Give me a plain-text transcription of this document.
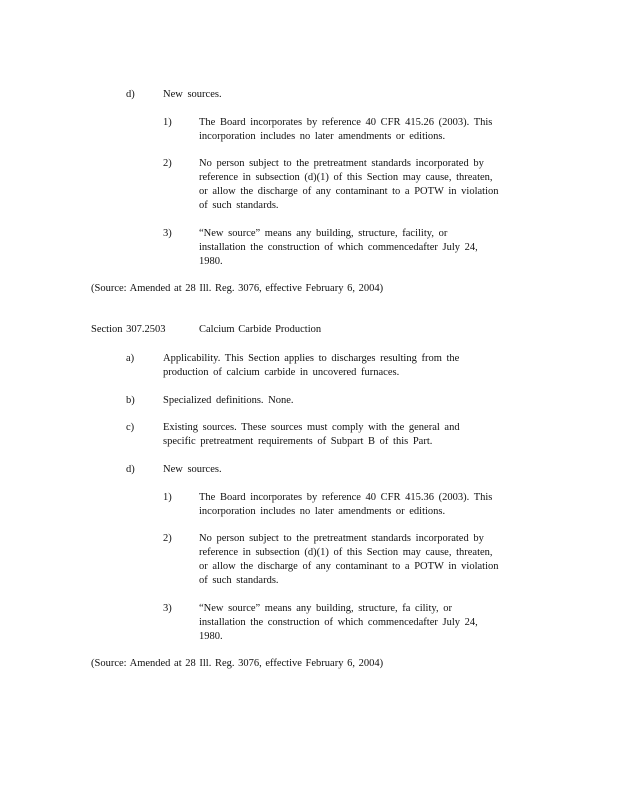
d)	New sources.
1)	The Board incorporates by reference 40 CFR 415.26 (2003). This
incorporation includes no later amendments or editions.
2)	No person subject to the pretreatment standards incorporated by
reference in subsection (d)(1) of this Section may cause, threaten,
or allow the discharge of any contaminant to a POTW in violation
of such standards.
3)	“New source” means any building, structure, facility, or
installation the construction of which commencedafter July 24,
1980.
(Source: Amended at 28 Ill. Reg. 3076, effective February 6, 2004)
Section 307.2503	Calcium Carbide Production
a)	Applicability. This Section applies to discharges resulting from the
production of calcium carbide in uncovered furnaces.
b)	Specialized definitions. None.
c)	Existing sources. These sources must comply with the general and
specific pretreatment requirements of Subpart B of this Part.
d)	New sources.
1)	The Board incorporates by reference 40 CFR 415.36 (2003). This
incorporation includes no later amendments or editions.
2)	No person subject to the pretreatment standards incorporated by
reference in subsection (d)(1) of this Section may cause, threaten,
or allow the discharge of any contaminant to a POTW in violation
of such standards.
3)	“New source” means any building, structure, fa cility, or
installation the construction of which commencedafter July 24,
1980.
(Source: Amended at 28 Ill. Reg. 3076, effective February 6, 2004)
